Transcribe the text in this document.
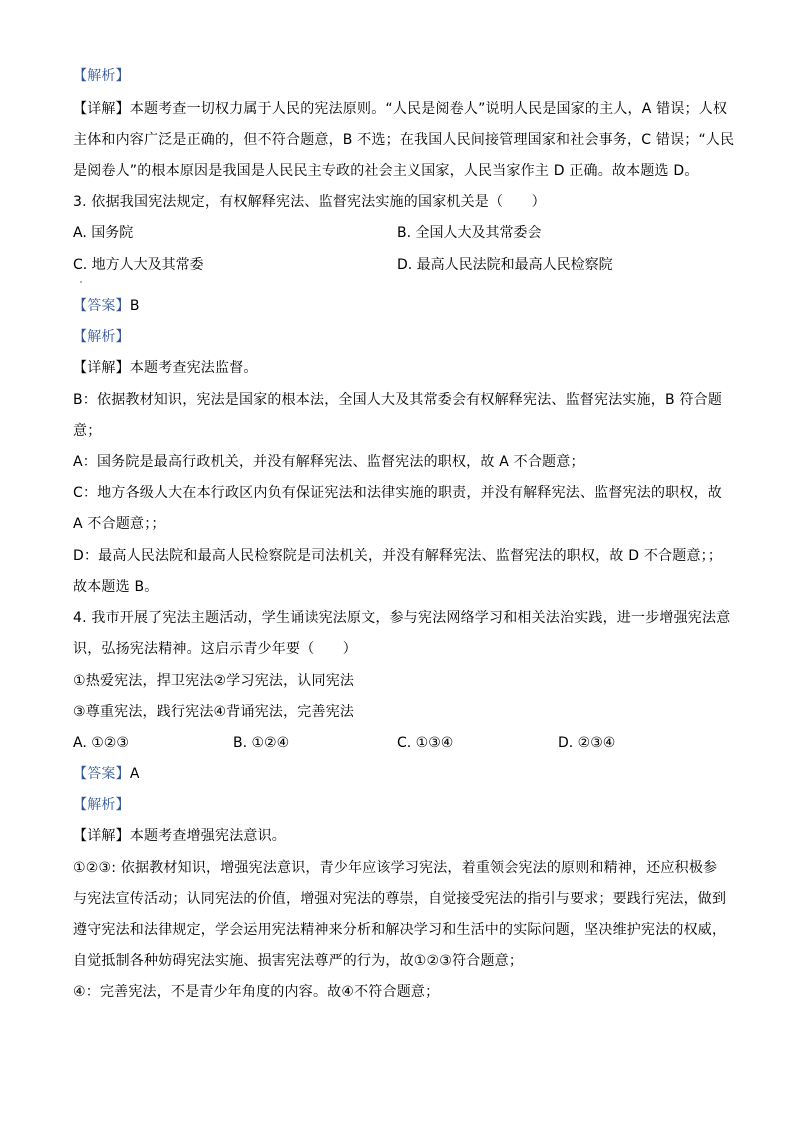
【解析】
【详解】本题考查一切权力属于人民的宪法原则。“人民是阅卷人”说明人民是国家的主人，A 错误；人权
主体和内容广泛是正确的，但不符合题意，B 不选；在我国人民间接管理国家和社会事务，C 错误；“人民
是阅卷人”的根本原因是我国是人民民主专政的社会主义国家，人民当家作主 D 正确。故本题选 D。
3. 依据我国宪法规定，有权解释宪法、监督宪法实施的国家机关是（　　）
A. 国务院	B. 全国人大及其常委会
C. 地方人大及其常委	D. 最高人民法院和最高人民检察院
【答案】B
【解析】
【详解】本题考查宪法监督。
B：依据教材知识，宪法是国家的根本法，全国人大及其常委会有权解释宪法、监督宪法实施，B 符合题
意；
A：国务院是最高行政机关，并没有解释宪法、监督宪法的职权，故 A 不合题意；
C：地方各级人大在本行政区内负有保证宪法和法律实施的职责，并没有解释宪法、监督宪法的职权，故
A 不合题意；；
D：最高人民法院和最高人民检察院是司法机关，并没有解释宪法、监督宪法的职权，故 D 不合题意；；
故本题选 B。
4. 我市开展了宪法主题活动，学生诵读宪法原文，参与宪法网络学习和相关法治实践，进一步增强宪法意
识，弘扬宪法精神。这启示青少年要（　　）
①热爱宪法，捍卫宪法②学习宪法，认同宪法
③尊重宪法，践行宪法④背诵宪法，完善宪法
A. ①②③	B. ①②④	C. ①③④	D. ②③④
【答案】A
【解析】
【详解】本题考查增强宪法意识。
①②③: 依据教材知识，增强宪法意识，青少年应该学习宪法，着重领会宪法的原则和精神，还应积极参
与宪法宣传活动；认同宪法的价值，增强对宪法的尊崇，自觉接受宪法的指引与要求；要践行宪法，做到
遵守宪法和法律规定，学会运用宪法精神来分析和解决学习和生活中的实际问题，坚决维护宪法的权威，
自觉抵制各种妨碍宪法实施、损害宪法尊严的行为，故①②③符合题意；
④：完善宪法，不是青少年角度的内容。故④不符合题意；
